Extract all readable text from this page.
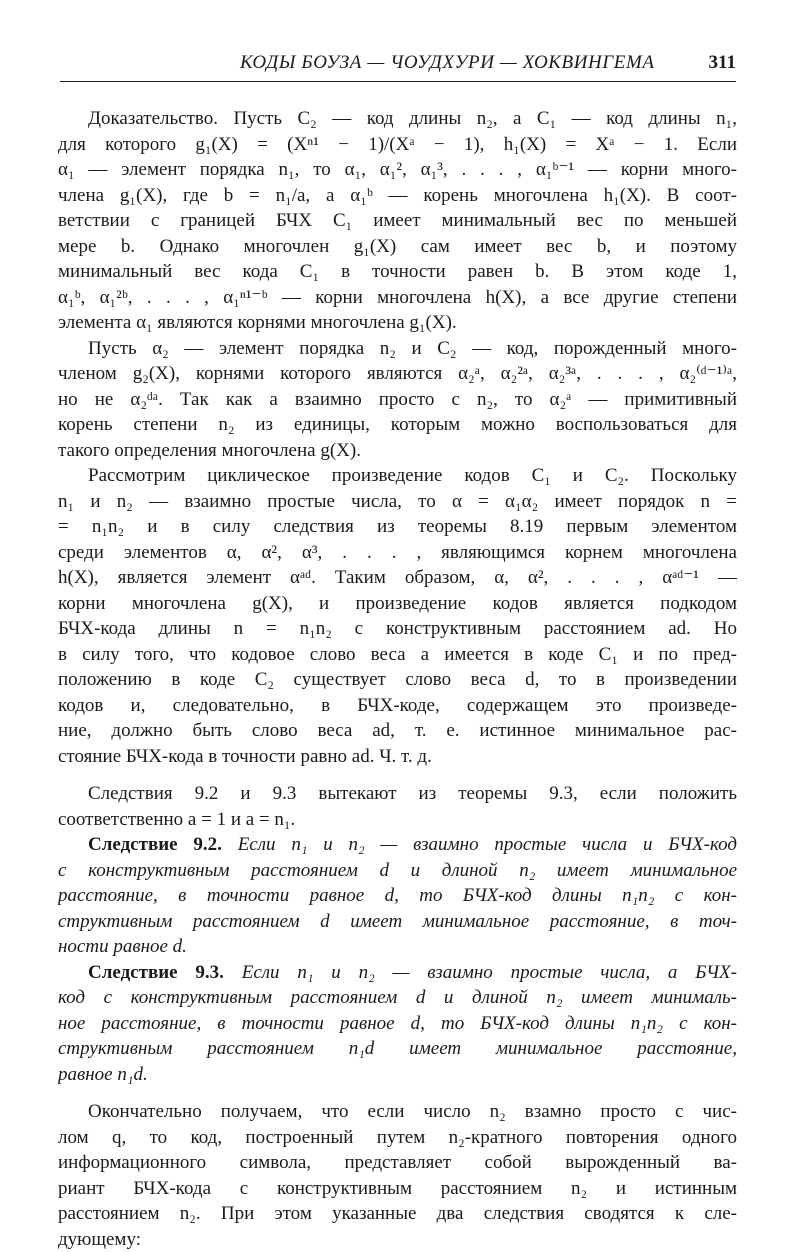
КОДЫ БОУЗА — ЧОУДХУРИ — ХОКВИНГЕМА	311
Доказательство. Пусть C₂ — код длины n₂, а C₁ — код длины n₁,
для которого g₁(X) = (Xⁿ¹ − 1)/(Xᵃ − 1), h₁(X) = Xᵃ − 1. Если
α₁ — элемент порядка n₁, то α₁, α₁², α₁³, . . . , α₁ᵇ⁻¹ — корни много-
члена g₁(X), где b = n₁/a, а α₁ᵇ — корень многочлена h₁(X). В соот-
ветствии с границей БЧХ C₁ имеет минимальный вес по меньшей
мере b. Однако многочлен g₁(X) сам имеет вес b, и поэтому
минимальный вес кода C₁ в точности равен b. В этом коде 1,
α₁ᵇ, α₁²ᵇ, . . . , α₁ⁿ¹⁻ᵇ — корни многочлена h(X), а все другие степени
элемента α₁ являются корнями многочлена g₁(X).
Пусть α₂ — элемент порядка n₂ и C₂ — код, порожденный много-
членом g₂(X), корнями которого являются α₂ᵃ, α₂²ᵃ, α₂³ᵃ, . . . , α₂⁽ᵈ⁻¹⁾ᵃ,
но не α₂ᵈᵃ. Так как a взаимно просто с n₂, то α₂ᵃ — примитивный
корень степени n₂ из единицы, которым можно воспользоваться для
такого определения многочлена g(X).
Рассмотрим циклическое произведение кодов C₁ и C₂. Поскольку
n₁ и n₂ — взаимно простые числа, то α = α₁α₂ имеет порядок n =
= n₁n₂ и в силу следствия из теоремы 8.19 первым элементом
среди элементов α, α², α³, . . . , являющимся корнем многочлена
h(X), является элемент αᵃᵈ. Таким образом, α, α², . . . , αᵃᵈ⁻¹ —
корни многочлена g(X), и произведение кодов является подкодом
БЧХ-кода длины n = n₁n₂ с конструктивным расстоянием ad. Но
в силу того, что кодовое слово веса a имеется в коде C₁ и по пред-
положению в коде C₂ существует слово веса d, то в произведении
кодов и, следовательно, в БЧХ-коде, содержащем это произведе-
ние, должно быть слово веса ad, т. е. истинное минимальное рас-
стояние БЧХ-кода в точности равно ad. Ч. т. д.
Следствия 9.2 и 9.3 вытекают из теоремы 9.3, если положить
соответственно a = 1 и a = n₁.
Следствие 9.2. Если n₁ и n₂ — взаимно простые числа и БЧХ-код
с конструктивным расстоянием d и длиной n₂ имеет минимальное
расстояние, в точности равное d, то БЧХ-код длины n₁n₂ с кон-
структивным расстоянием d имеет минимальное расстояние, в точ-
ности равное d.
Следствие 9.3. Если n₁ и n₂ — взаимно простые числа, а БЧХ-
код с конструктивным расстоянием d и длиной n₂ имеет минималь-
ное расстояние, в точности равное d, то БЧХ-код длины n₁n₂ с кон-
структивным расстоянием n₁d имеет минимальное расстояние,
равное n₁d.
Окончательно получаем, что если число n₂ взамно просто с чис-
лом q, то код, построенный путем n₂-кратного повторения одного
информационного символа, представляет собой вырожденный ва-
риант БЧХ-кода с конструктивным расстоянием n₂ и истинным
расстоянием n₂. При этом указанные два следствия сводятся к сле-
дующему:
